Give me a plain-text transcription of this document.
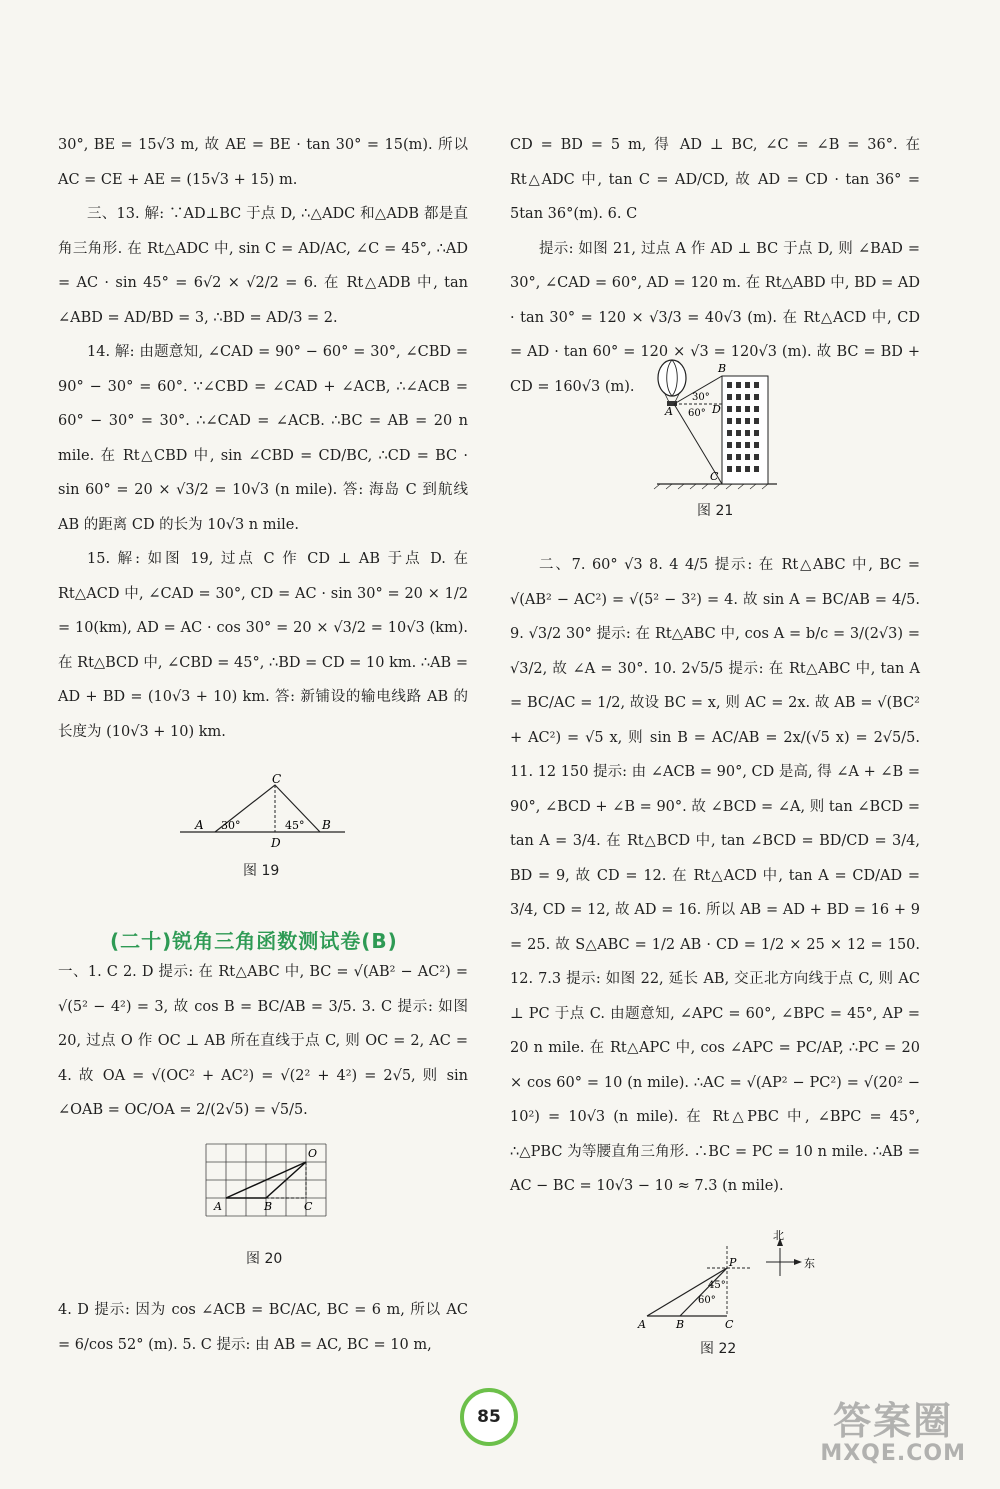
30°, BE = 15√3 m, 故 AE = BE · tan 30° = 15(m). 所以 AC = CE + AE = (15√3 + 15) m.

三、13. 解: ∵AD⊥BC 于点 D, ∴△ADC 和△ADB 都是直角三角形. 在 Rt△ADC 中, sin C = AD/AC, ∠C = 45°, ∴AD = AC · sin 45° = 6√2 × √2/2 = 6. 在 Rt△ADB 中, tan ∠ABD = AD/BD = 3, ∴BD = AD/3 = 2.

14. 解: 由题意知, ∠CAD = 90° − 60° = 30°, ∠CBD = 90° − 30° = 60°. ∵∠CBD = ∠CAD + ∠ACB, ∴∠ACB = 60° − 30° = 30°. ∴∠CAD = ∠ACB. ∴BC = AB = 20 n mile. 在 Rt△CBD 中, sin ∠CBD = CD/BC, ∴CD = BC · sin 60° = 20 × √3/2 = 10√3 (n mile). 答: 海岛 C 到航线 AB 的距离 CD 的长为 10√3 n mile.

15. 解: 如图 19, 过点 C 作 CD ⊥ AB 于点 D. 在 Rt△ACD 中, ∠CAD = 30°, CD = AC · sin 30° = 20 × 1/2 = 10(km), AD = AC · cos 30° = 20 × √3/2 = 10√3 (km). 在 Rt△BCD 中, ∠CBD = 45°, ∴BD = CD = 10 km. ∴AB = AD + BD = (10√3 + 10) km. 答: 新铺设的输电线路 AB 的长度为 (10√3 + 10) km.

C
A	B
D
30°	45°
图 19
(二十)锐角三角函数测试卷(B)

一、1. C 2. D 提示: 在 Rt△ABC 中, BC = √(AB² − AC²) = √(5² − 4²) = 3, 故 cos B = BC/AB = 3/5. 3. C 提示: 如图 20, 过点 O 作 OC ⊥ AB 所在直线于点 C, 则 OC = 2, AC = 4. 故 OA = √(OC² + AC²) = √(2² + 4²) = 2√5, 则 sin ∠OAB = OC/OA = 2/(2√5) = √5/5.

O
A	B	C
图 20

4. D 提示: 因为 cos ∠ACB = BC/AC, BC = 6 m, 所以 AC = 6/cos 52° (m). 5. C 提示: 由 AB = AC, BC = 10 m,

CD = BD = 5 m, 得 AD ⊥ BC, ∠C = ∠B = 36°. 在 Rt△ADC 中, tan C = AD/CD, 故 AD = CD · tan 36° = 5tan 36°(m). 6. C

提示: 如图 21, 过点 A 作 AD ⊥ BC 于点 D, 则 ∠BAD = 30°, ∠CAD = 60°, AD = 120 m. 在 Rt△ABD 中, BD = AD · tan 30° = 120 × √3/3 = 40√3 (m). 在 Rt△ACD 中, CD = AD · tan 60° = 120 × √3 = 120√3 (m). 故 BC = BD + CD = 160√3 (m).

B
A	D
C
30°
60°
图 21

二、7. 60° √3 8. 4 4/5 提示: 在 Rt△ABC 中, BC = √(AB² − AC²) = √(5² − 3²) = 4. 故 sin A = BC/AB = 4/5. 9. √3/2 30° 提示: 在 Rt△ABC 中, cos A = b/c = 3/(2√3) = √3/2, 故 ∠A = 30°. 10. 2√5/5 提示: 在 Rt△ABC 中, tan A = BC/AC = 1/2, 故设 BC = x, 则 AC = 2x. 故 AB = √(BC² + AC²) = √5 x, 则 sin B = AC/AB = 2x/(√5 x) = 2√5/5. 11. 12 150 提示: 由 ∠ACB = 90°, CD 是高, 得 ∠A + ∠B = 90°, ∠BCD + ∠B = 90°. 故 ∠BCD = ∠A, 则 tan ∠BCD = tan A = 3/4. 在 Rt△BCD 中, tan ∠BCD = BD/CD = 3/4, BD = 9, 故 CD = 12. 在 Rt△ACD 中, tan A = CD/AD = 3/4, CD = 12, 故 AD = 16. 所以 AB = AD + BD = 16 + 9 = 25. 故 S△ABC = 1/2 AB · CD = 1/2 × 25 × 12 = 150. 12. 7.3 提示: 如图 22, 延长 AB, 交正北方向线于点 C, 则 AC ⊥ PC 于点 C. 由题意知, ∠APC = 60°, ∠BPC = 45°, AP = 20 n mile. 在 Rt△APC 中, cos ∠APC = PC/AP, ∴PC = 20 × cos 60° = 10 (n mile). ∴AC = √(AP² − PC²) = √(20² − 10²) = 10√3 (n mile). 在 Rt△PBC 中, ∠BPC = 45°, ∴△PBC 为等腰直角三角形. ∴BC = PC = 10 n mile. ∴AB = AC − BC = 10√3 − 10 ≈ 7.3 (n mile).

北
东
P
A	B	C
45°
60°
图 22
85	答案圈
MXQE.COM
